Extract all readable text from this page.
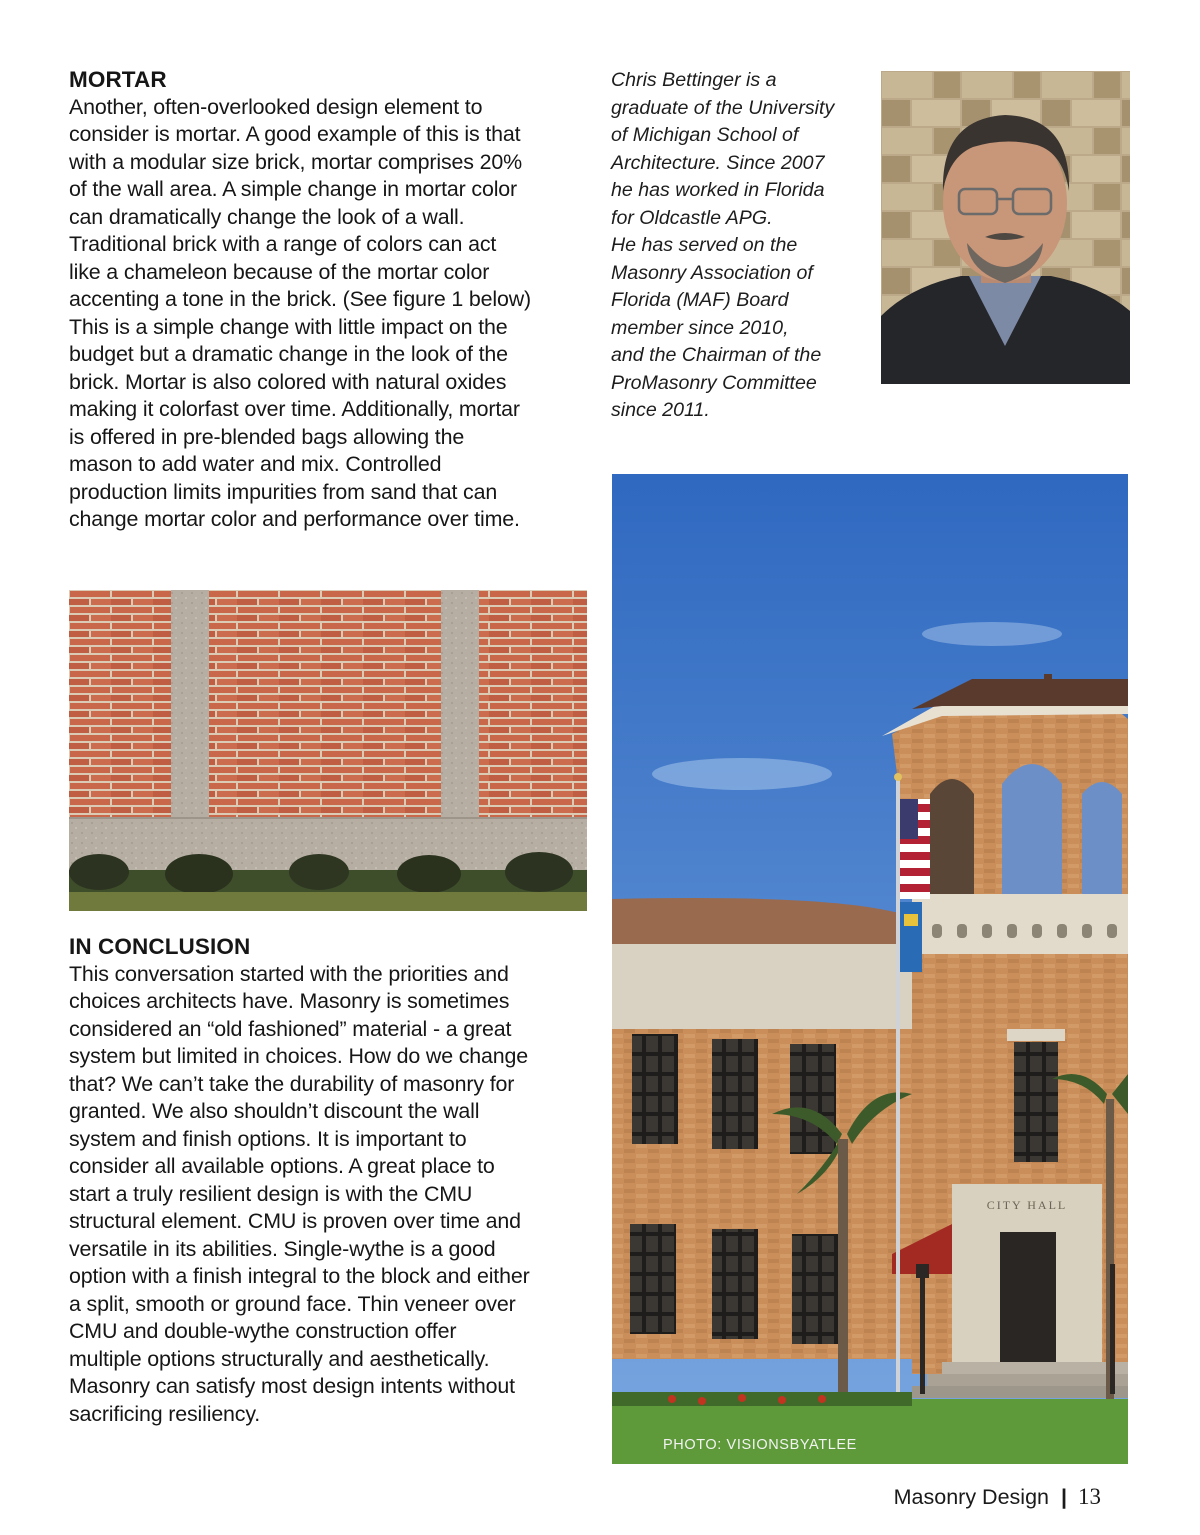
MORTAR

Another, often-overlooked design element to
consider is mortar. A good example of this is that
with a modular size brick, mortar comprises 20%
of the wall area. A simple change in mortar color
can dramatically change the look of a wall.
Traditional brick with a range of colors can act
like a chameleon because of the mortar color
accenting a tone in the brick. (See figure 1 below)
This is a simple change with little impact on the
budget but a dramatic change in the look of the
brick. Mortar is also colored with natural oxides
making it colorfast over time. Additionally, mortar
is offered in pre-blended bags allowing the
mason to add water and mix. Controlled
production limits impurities from sand that can
change mortar color and performance over time.

Chris Bettinger is a
graduate of the University
of Michigan School of
Architecture. Since 2007
he has worked in Florida
for Oldcastle APG.
He has served on the
Masonry Association of
Florida (MAF) Board
member since 2010,
and the Chairman of the
ProMasonry Committee
since 2011.

IN CONCLUSION

This conversation started with the priorities and
choices architects have. Masonry is sometimes
considered an “old fashioned” material - a great
system but limited in choices. How do we change
that? We can’t take the durability of masonry for
granted. We also shouldn’t discount the wall
system and finish options. It is important to
consider all available options. A great place to
start a truly resilient design is with the CMU
structural element. CMU is proven over time and
versatile in its abilities. Single-wythe is a good
option with a finish integral to the block and either
a split, smooth or ground face. Thin veneer over
CMU and double-wythe construction offer
multiple options structurally and aesthetically.
Masonry can satisfy most design intents without
sacrificing resiliency.

CITY HALL
PHOTO: VISIONSBYATLEE
Masonry Design | 13
